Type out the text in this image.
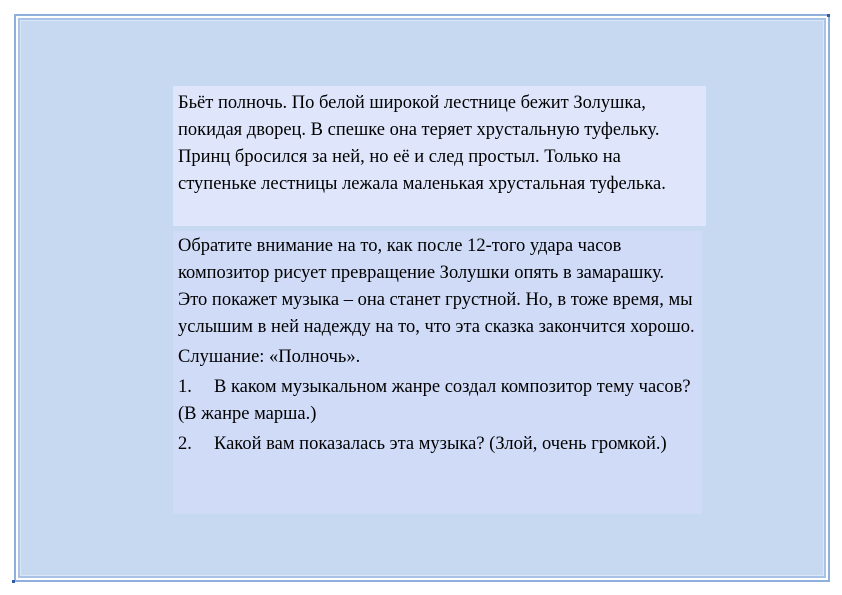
Бьёт полночь. По белой широкой лестнице бежит Золушка, покидая дворец. В спешке она теряет хрустальную туфельку. Принц бросился за ней, но её и след простыл. Только на ступеньке лестницы лежала маленькая хрустальная туфелька.

Обратите внимание на то, как после 12-того удара часов композитор рисует превращение Золушки опять в замарашку. Это покажет музыка – она станет грустной. Но, в тоже время, мы услышим в ней надежду на то, что эта сказка закончится хорошо.

Слушание: «Полночь».

1. В каком музыкальном жанре создал композитор тему часов? (В жанре марша.)

2. Какой вам показалась эта музыка? (Злой, очень громкой.)
